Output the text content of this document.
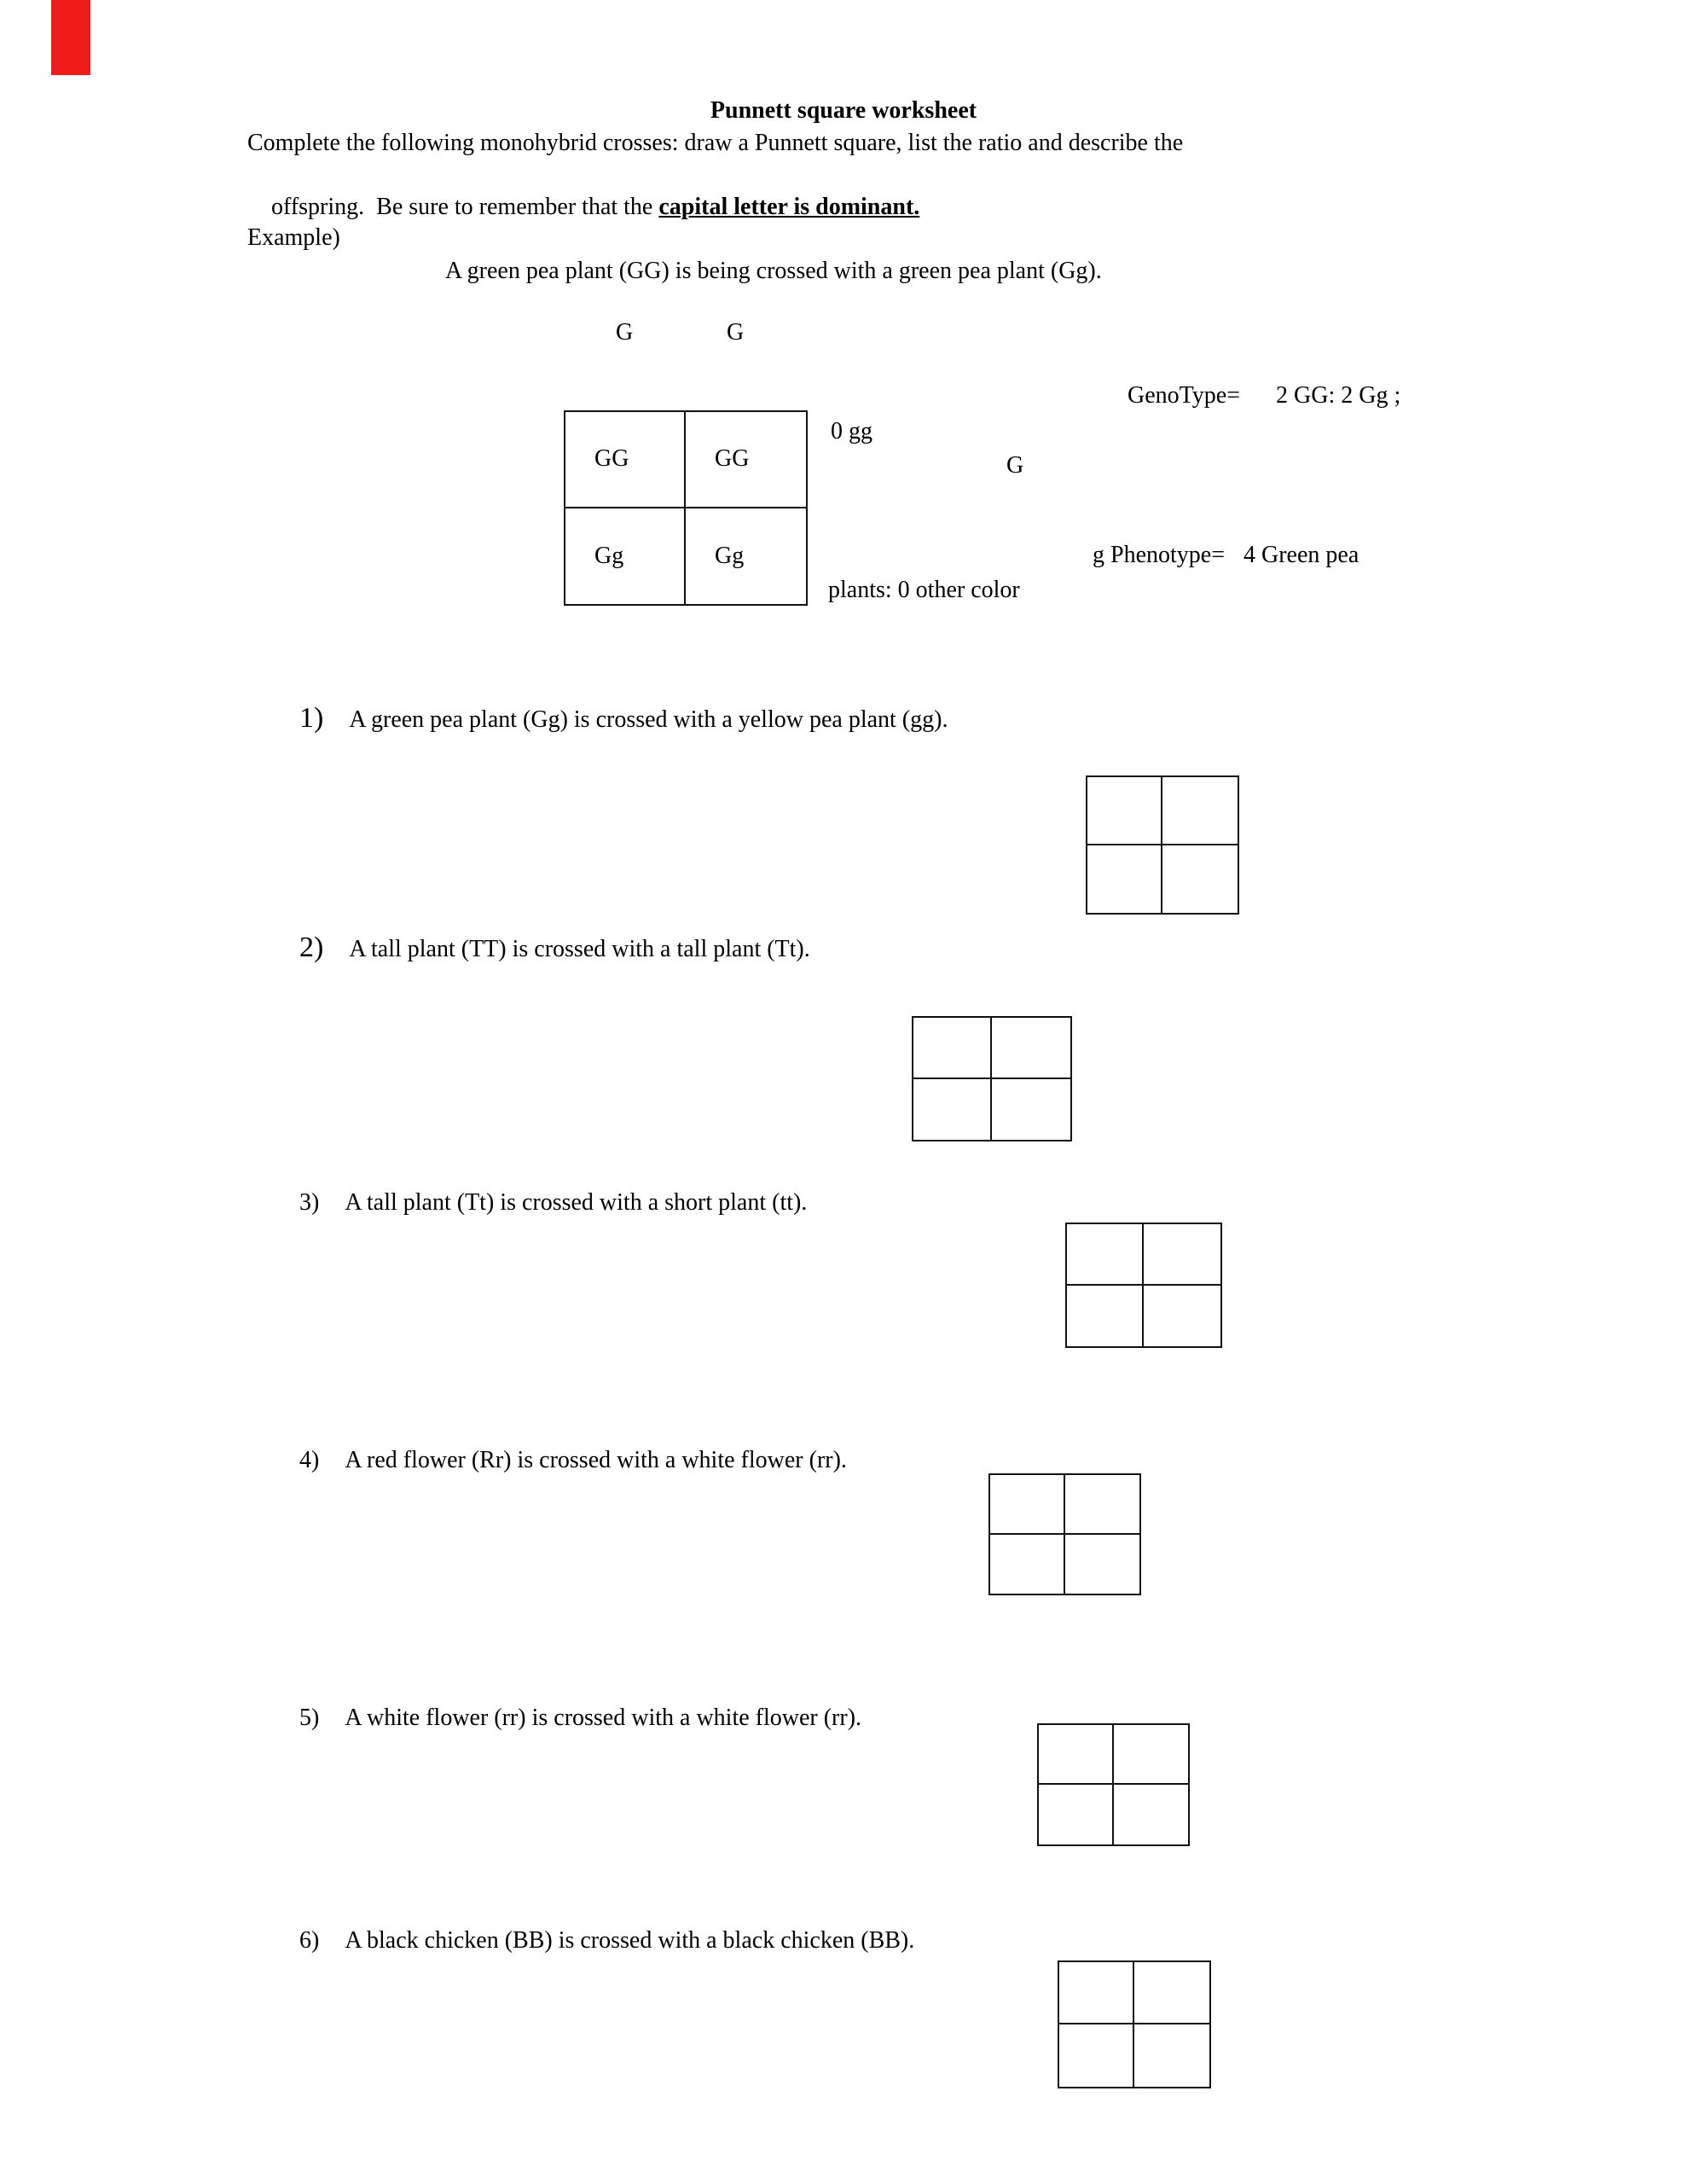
Punnett square worksheet
Complete the following monohybrid crosses: draw a Punnett square, list the ratio and describe the

offspring.  Be sure to remember that the capital letter is dominant.

Example)
A green pea plant (GG) is being crossed with a green pea plant (Gg).
G	G
GG	GG
Gg	Gg
0 gg
GenoType= 2 GG: 2 Gg ;
G
g Phenotype= 4 Green pea
plants: 0 other color
1) A green pea plant (Gg) is crossed with a yellow pea plant (gg).
2) A tall plant (TT) is crossed with a tall plant (Tt).
3) A tall plant (Tt) is crossed with a short plant (tt).
4) A red flower (Rr) is crossed with a white flower (rr).
5) A white flower (rr) is crossed with a white flower (rr).
6) A black chicken (BB) is crossed with a black chicken (BB).
